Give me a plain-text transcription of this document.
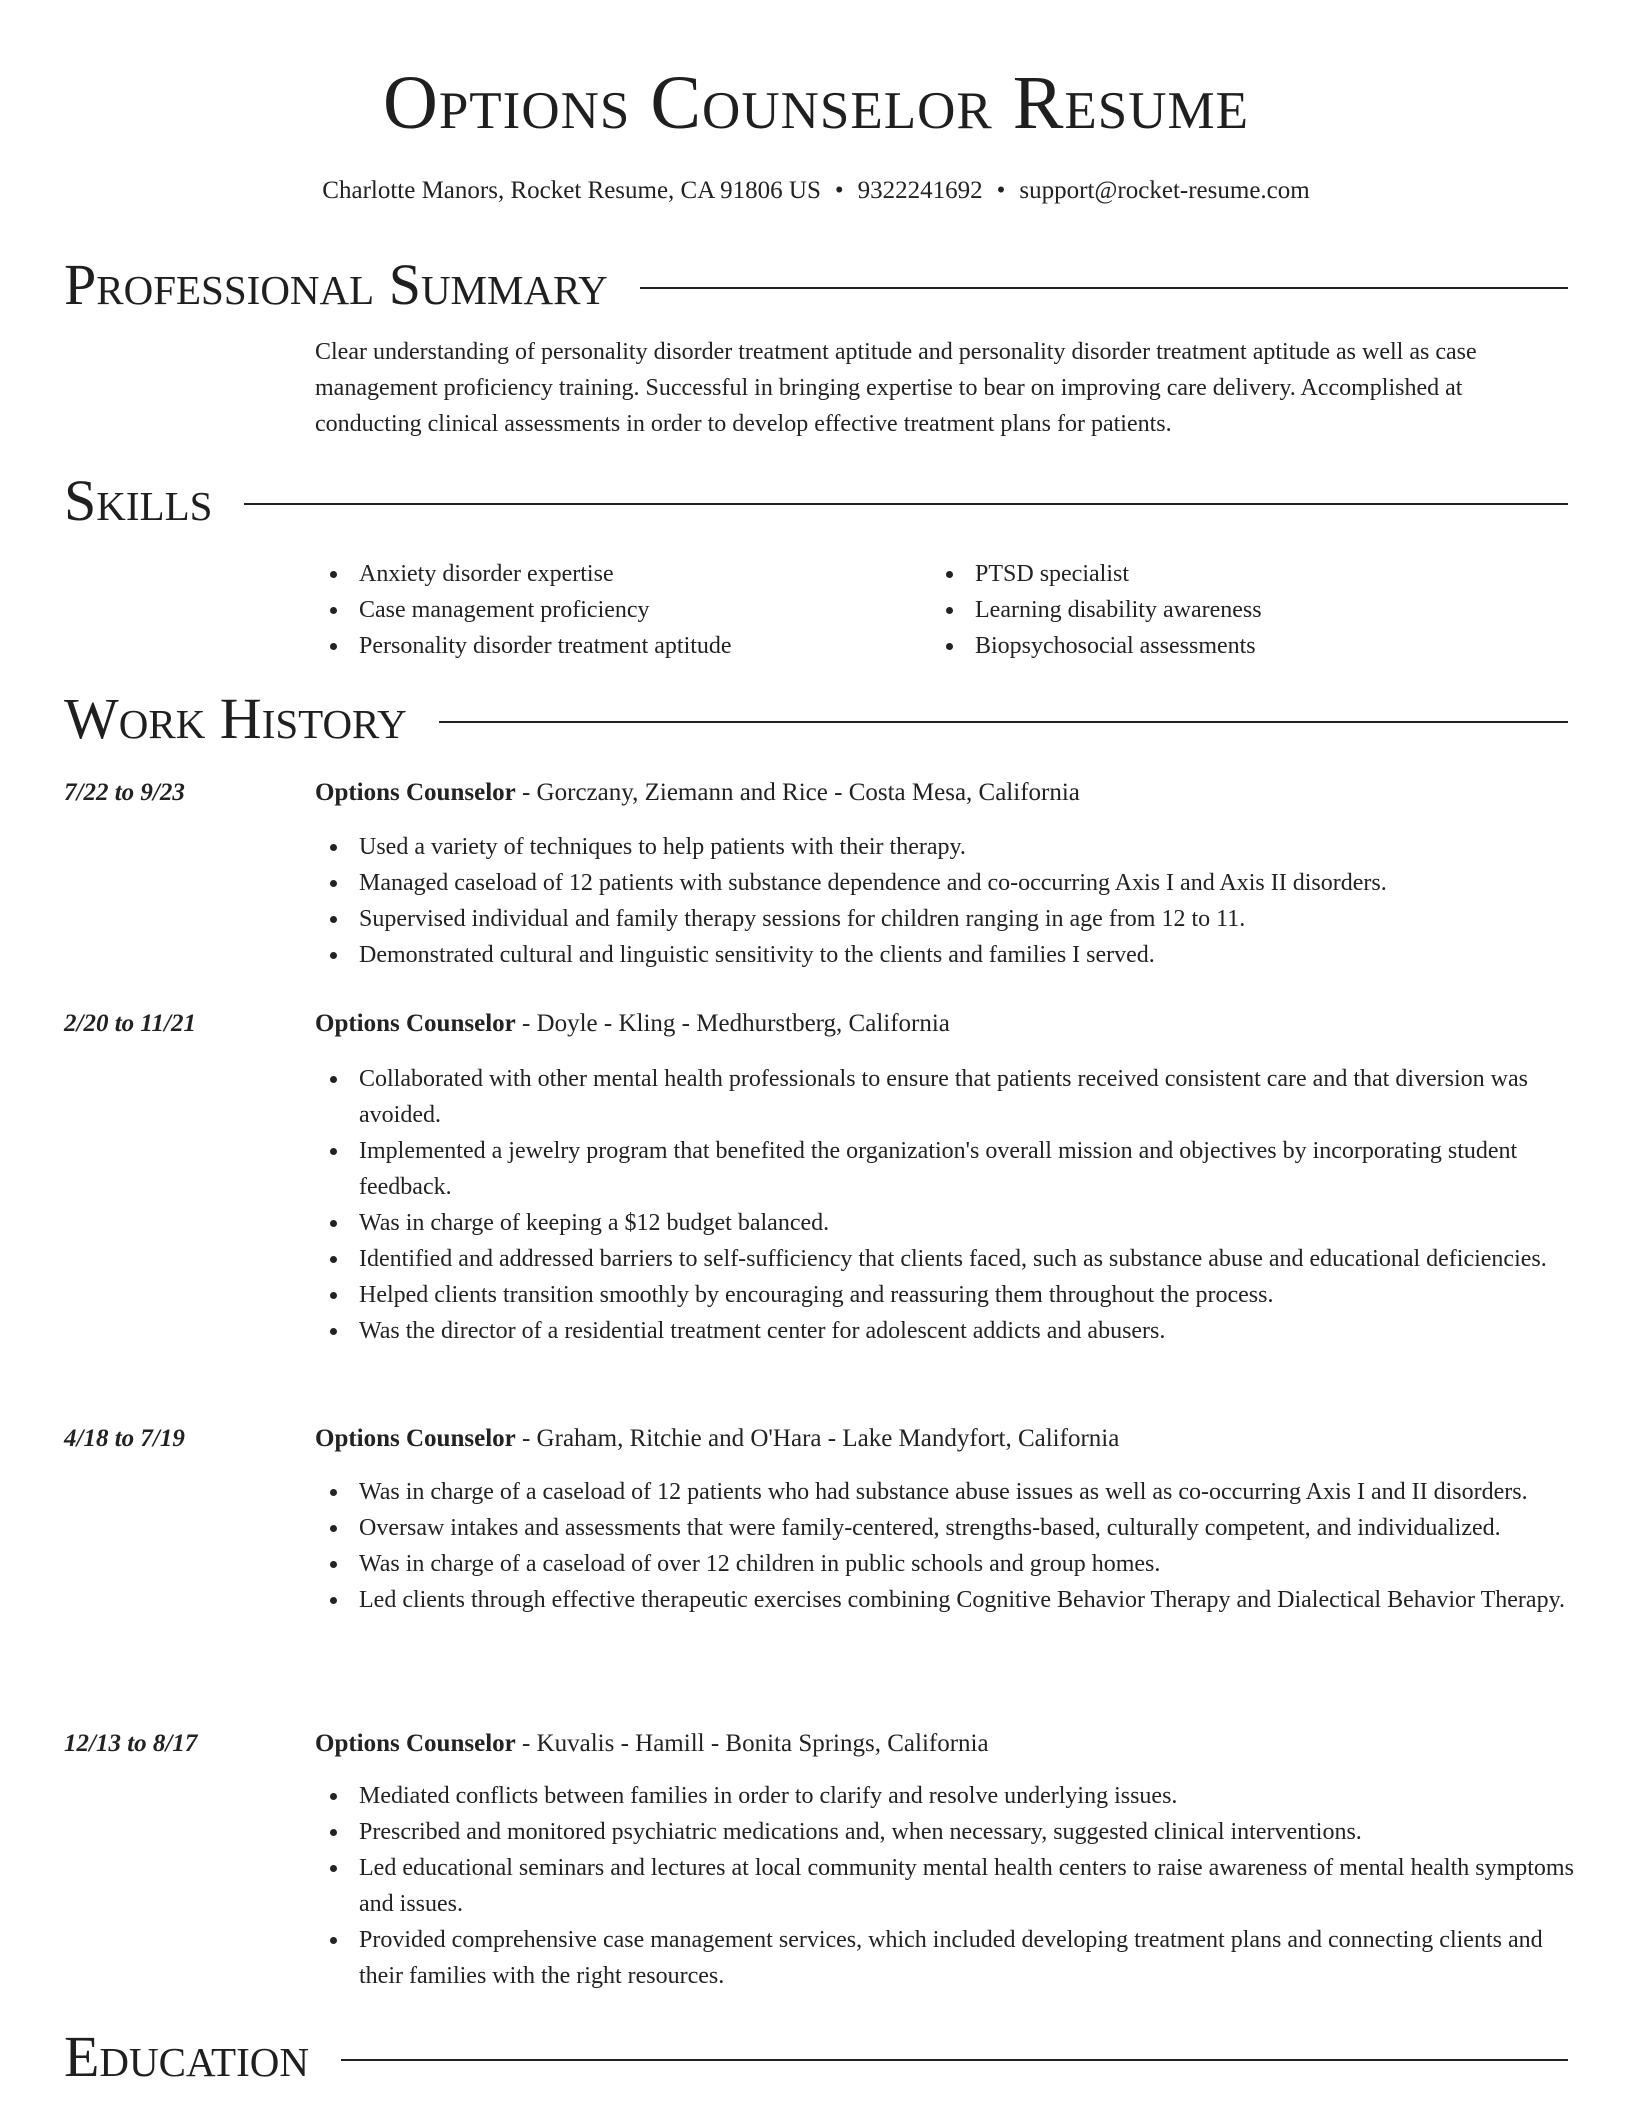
Options Counselor Resume
Charlotte Manors, Rocket Resume, CA 91806 US • 9322241692 • support@rocket-resume.com
Professional Summary

Clear understanding of personality disorder treatment aptitude and personality disorder treatment aptitude as well as case management proficiency training. Successful in bringing expertise to bear on improving care delivery. Accomplished at conducting clinical assessments in order to develop effective treatment plans for patients.

Skills
Anxiety disorder expertise
Case management proficiency
Personality disorder treatment aptitude
PTSD specialist
Learning disability awareness
Biopsychosocial assessments
Work History
7/22 to 9/23	Options Counselor - Gorczany, Ziemann and Rice - Costa Mesa, California
Used a variety of techniques to help patients with their therapy.
Managed caseload of 12 patients with substance dependence and co-occurring Axis I and Axis II disorders.
Supervised individual and family therapy sessions for children ranging in age from 12 to 11.
Demonstrated cultural and linguistic sensitivity to the clients and families I served.
2/20 to 11/21	Options Counselor - Doyle - Kling - Medhurstberg, California
Collaborated with other mental health professionals to ensure that patients received consistent care and that diversion was avoided.
Implemented a jewelry program that benefited the organization's overall mission and objectives by incorporating student feedback.
Was in charge of keeping a $12 budget balanced.
Identified and addressed barriers to self-sufficiency that clients faced, such as substance abuse and educational deficiencies.
Helped clients transition smoothly by encouraging and reassuring them throughout the process.
Was the director of a residential treatment center for adolescent addicts and abusers.
4/18 to 7/19	Options Counselor - Graham, Ritchie and O'Hara - Lake Mandyfort, California
Was in charge of a caseload of 12 patients who had substance abuse issues as well as co-occurring Axis I and II disorders.
Oversaw intakes and assessments that were family-centered, strengths-based, culturally competent, and individualized.
Was in charge of a caseload of over 12 children in public schools and group homes.
Led clients through effective therapeutic exercises combining Cognitive Behavior Therapy and Dialectical Behavior Therapy.
12/13 to 8/17	Options Counselor - Kuvalis - Hamill - Bonita Springs, California
Mediated conflicts between families in order to clarify and resolve underlying issues.
Prescribed and monitored psychiatric medications and, when necessary, suggested clinical interventions.
Led educational seminars and lectures at local community mental health centers to raise awareness of mental health symptoms and issues.
Provided comprehensive case management services, which included developing treatment plans and connecting clients and their families with the right resources.
Education
